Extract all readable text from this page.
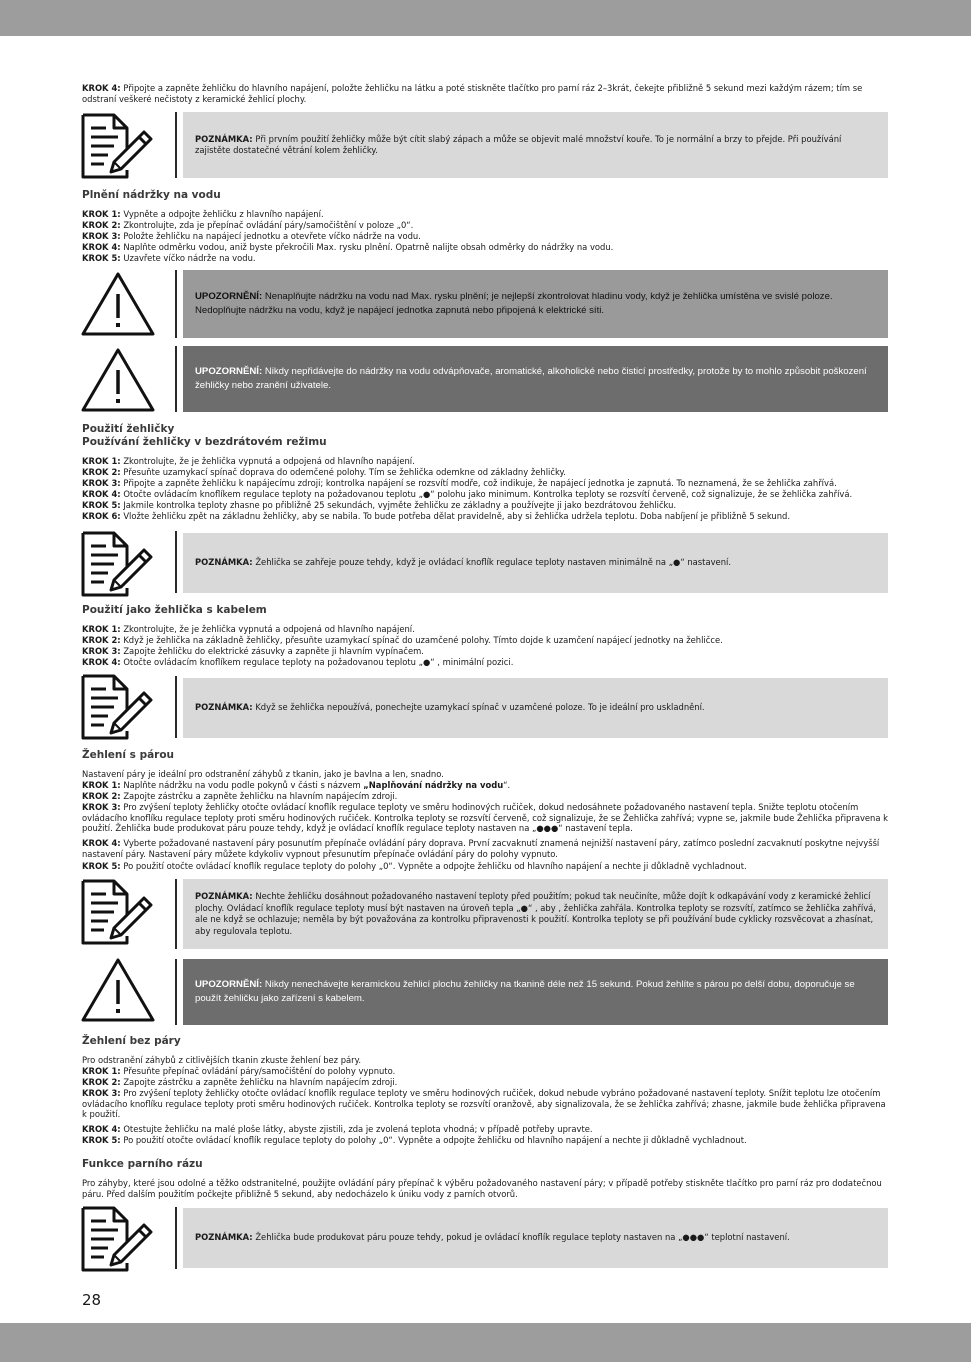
KROK 4: Připojte a zapněte žehličku do hlavního napájení, položte žehličku na látku a poté stiskněte tlačítko pro parní ráz 2–3krát, čekejte přibližně 5 sekund mezi každým rázem; tím se odstraní veškeré nečistoty z keramické žehlicí plochy.
POZNÁMKA: Při prvním použití žehličky může být cítit slabý zápach a může se objevit malé množství kouře. To je normální a brzy to přejde. Při používání zajistěte dostatečné větrání kolem žehličky.
Plnění nádržky na vodu
KROK 1: Vypněte a odpojte žehličku z hlavního napájení.
KROK 2: Zkontrolujte, zda je přepínač ovládání páry/samočištění v poloze „0“.
KROK 3: Položte žehličku na napájecí jednotku a otevřete víčko nádrže na vodu.
KROK 4: Naplňte odměrku vodou, aniž byste překročili Max. rysku plnění. Opatrně nalijte obsah odměrky do nádržky na vodu.
KROK 5: Uzavřete víčko nádrže na vodu.
UPOZORNĚNÍ: Nenaplňujte nádržku na vodu nad Max. rysku plnění; je nejlepší zkontrolovat hladinu vody, když je žehlička umístěna ve svislé poloze. Nedoplňujte nádržku na vodu, když je napájecí jednotka zapnutá nebo připojená k elektrické síti.
UPOZORNĚNÍ: Nikdy nepřidávejte do nádržky na vodu odvápňovače, aromatické, alkoholické nebo čisticí prostředky, protože by to mohlo způsobit poškození žehličky nebo zranění uživatele.
Použití žehličky
Používání žehličky v bezdrátovém režimu
KROK 1: Zkontrolujte, že je žehlička vypnutá a odpojená od hlavního napájení.
KROK 2: Přesuňte uzamykací spínač doprava do odemčené polohy. Tím se žehlička odemkne od základny žehličky.
KROK 3: Připojte a zapněte žehličku k napájecímu zdroji; kontrolka napájení se rozsvítí modře, což indikuje, že napájecí jednotka je zapnutá. To neznamená, že se žehlička zahřívá.
KROK 4: Otočte ovládacím knoflíkem regulace teploty na požadovanou teplotu „●“ polohu jako minimum. Kontrolka teploty se rozsvítí červeně, což signalizuje, že se žehlička zahřívá.
KROK 5: Jakmile kontrolka teploty zhasne po přibližně 25 sekundách, vyjměte žehličku ze základny a používejte ji jako bezdrátovou žehličku.
KROK 6: Vložte žehličku zpět na základnu žehličky, aby se nabila. To bude potřeba dělat pravidelně, aby si žehlička udržela teplotu. Doba nabíjení je přibližně 5 sekund.
POZNÁMKA: Žehlička se zahřeje pouze tehdy, když je ovládací knoflík regulace teploty nastaven minimálně na „●“ nastavení.
Použití jako žehlička s kabelem
KROK 1: Zkontrolujte, že je žehlička vypnutá a odpojená od hlavního napájení.
KROK 2: Když je žehlička na základně žehličky, přesuňte uzamykací spínač do uzamčené polohy. Tímto dojde k uzamčení napájecí jednotky na žehličce.
KROK 3: Zapojte žehličku do elektrické zásuvky a zapněte ji hlavním vypínačem.
KROK 4: Otočte ovládacím knoflíkem regulace teploty na požadovanou teplotu „●“ , minimální pozici.
POZNÁMKA: Když se žehlička nepoužívá, ponechejte uzamykací spínač v uzamčené poloze. To je ideální pro uskladnění.
Žehlení s párou
Nastavení páry je ideální pro odstranění záhybů z tkanin, jako je bavlna a len, snadno.
KROK 1: Naplňte nádržku na vodu podle pokynů v části s názvem „Naplňování nádržky na vodu“.
KROK 2: Zapojte zástrčku a zapněte žehličku na hlavním napájecím zdroji.
KROK 3: Pro zvýšení teploty žehličky otočte ovládací knoflík regulace teploty ve směru hodinových ručiček, dokud nedosáhnete požadovaného nastavení tepla. Snižte teplotu otočením ovládacího knoflíku regulace teploty proti směru hodinových ručiček. Kontrolka teploty se rozsvítí červeně, což signalizuje, že se Žehlička zahřívá; vypne se, jakmile bude Žehlička připravena k použití. Žehlička bude produkovat páru pouze tehdy, když je ovládací knoflík regulace teploty nastaven na „●●●“ nastavení tepla.
KROK 4: Vyberte požadované nastavení páry posunutím přepínače ovládání páry doprava. První zacvaknutí znamená nejnižší nastavení páry, zatímco poslední zacvaknutí poskytne nejvyšší nastavení páry. Nastavení páry můžete kdykoliv vypnout přesunutím přepínače ovládání páry do polohy vypnuto.
KROK 5: Po použití otočte ovládací knoflík regulace teploty do polohy „0“. Vypněte a odpojte žehličku od hlavního napájení a nechte ji důkladně vychladnout.
POZNÁMKA: Nechte žehličku dosáhnout požadovaného nastavení teploty před použitím; pokud tak neučiníte, může dojít k odkapávání vody z keramické žehlicí plochy. Ovládací knoflík regulace teploty musí být nastaven na úroveň tepla „●“ , aby , žehlička zahřála. Kontrolka teploty se rozsvítí, zatímco se žehlička zahřívá, ale ne když se ochlazuje; neměla by být považována za kontrolku připravenosti k použití. Kontrolka teploty se při používání bude cyklicky rozsvěcovat a zhasínat, aby regulovala teplotu.
UPOZORNĚNÍ: Nikdy nenechávejte keramickou žehlicí plochu žehličky na tkanině déle než 15 sekund. Pokud žehlíte s párou po delší dobu, doporučuje se použít žehličku jako zařízení s kabelem.
Žehlení bez páry
Pro odstranění záhybů z citlivějších tkanin zkuste žehlení bez páry.
KROK 1: Přesuňte přepínač ovládání páry/samočištění do polohy vypnuto.
KROK 2: Zapojte zástrčku a zapněte žehličku na hlavním napájecím zdroji.
KROK 3: Pro zvýšení teploty žehličky otočte ovládací knoflík regulace teploty ve směru hodinových ručiček, dokud nebude vybráno požadované nastavení teploty. Snížit teplotu lze otočením ovládacího knoflíku regulace teploty proti směru hodinových ručiček. Kontrolka teploty se rozsvítí oranžově, aby signalizovala, že se žehlička zahřívá; zhasne, jakmile bude žehlička připravena k použití.
KROK 4: Otestujte žehličku na malé ploše látky, abyste zjistili, zda je zvolená teplota vhodná; v případě potřeby upravte.
KROK 5: Po použití otočte ovládací knoflík regulace teploty do polohy „0“. Vypněte a odpojte žehličku od hlavního napájení a nechte ji důkladně vychladnout.
Funkce parního rázu
Pro záhyby, které jsou odolné a těžko odstranitelné, použijte ovládání páry přepínač k výběru požadovaného nastavení páry; v případě potřeby stiskněte tlačítko pro parní ráz pro dodatečnou páru. Před dalším použitím počkejte přibližně 5 sekund, aby nedocházelo k úniku vody z parních otvorů.
POZNÁMKA: Žehlička bude produkovat páru pouze tehdy, pokud je ovládací knoflík regulace teploty nastaven na „●●●“ teplotní nastavení.
28
